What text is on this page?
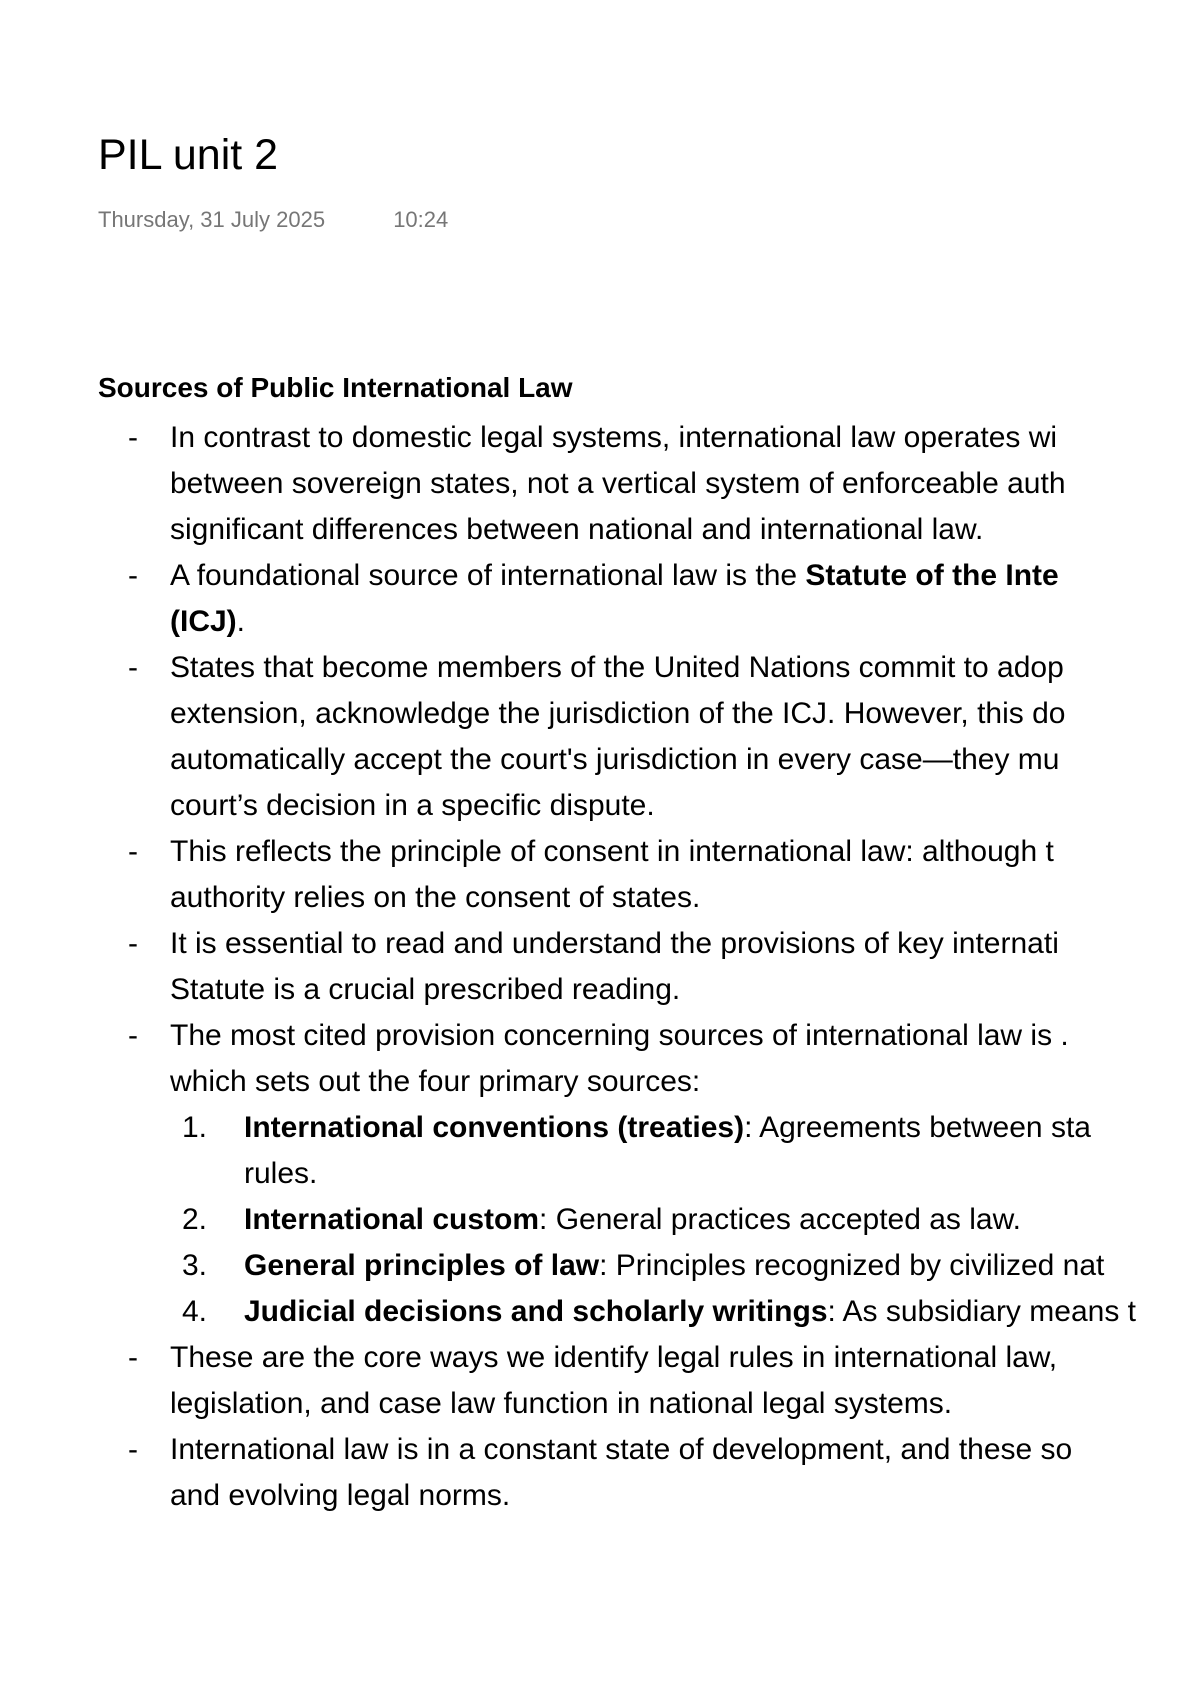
PIL unit 2
Thursday, 31 July 2025	10:24
Sources of Public International Law
-	In contrast to domestic legal systems, international law operates wi
between sovereign states, not a vertical system of enforceable auth
significant differences between national and international law.
-	A foundational source of international law is the Statute of the Inte
(ICJ).
-	States that become members of the United Nations commit to adop
extension, acknowledge the jurisdiction of the ICJ. However, this do
automatically accept the court's jurisdiction in every case—they mu
court’s decision in a specific dispute.
-	This reflects the principle of consent in international law: although t
authority relies on the consent of states.
-	It is essential to read and understand the provisions of key internati
Statute is a crucial prescribed reading.
-	The most cited provision concerning sources of international law is .
which sets out the four primary sources:
1.	International conventions (treaties): Agreements between sta
rules.
2.	International custom: General practices accepted as law.
3.	General principles of law: Principles recognized by civilized nat
4.	Judicial decisions and scholarly writings: As subsidiary means t
-	These are the core ways we identify legal rules in international law,
legislation, and case law function in national legal systems.
-	International law is in a constant state of development, and these so
and evolving legal norms.
